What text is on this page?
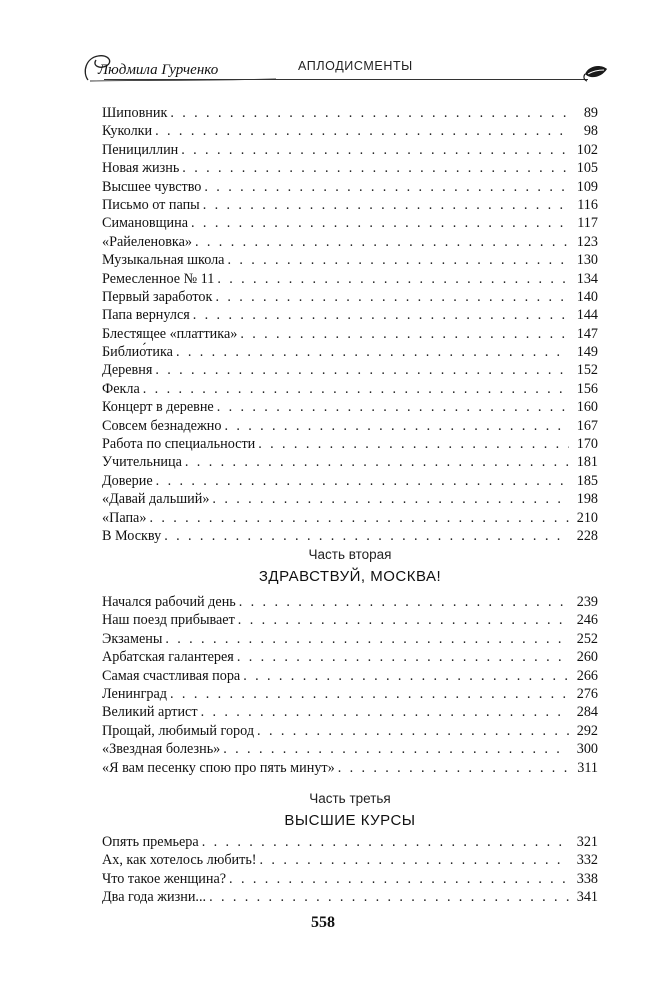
Людмила Гурченко	АПЛОДИСМЕНТЫ
Шиповник . . .	89
Куколки . . .	98
Пенициллин . . .	102
Новая жизнь . . .	105
Высшее чувство . . .	109
Письмо от папы . . .	116
Симановщина . . .	117
«Райеленовка» . . .	123
Музыкальная школа . . .	130
Ремесленное № 11 . . .	134
Первый заработок . . .	140
Папа вернулся . . .	144
Блестящее «платтика» . . .	147
Библио́тика . . .	149
Деревня . . .	152
Фекла . . .	156
Концерт в деревне . . .	160
Совсем безнадежно . . .	167
Работа по специальности . . .	170
Учительница . . .	181
Доверие . . .	185
«Давай дальший» . . .	198
«Папа» . . .	210
В Москву . . .	228
Часть вторая
ЗДРАВСТВУЙ, МОСКВА!
Начался рабочий день . . .	239
Наш поезд прибывает . . .	246
Экзамены . . .	252
Арбатская галантерея . . .	260
Самая счастливая пора . . .	266
Ленинград . . .	276
Великий артист . . .	284
Прощай, любимый город . . .	292
«Звездная болезнь» . . .	300
«Я вам песенку спою про пять минут» . . .	311
Часть третья
ВЫСШИЕ КУРСЫ
Опять премьера . . .	321
Ах, как хотелось любить! . . .	332
Что такое женщина? . . .	338
Два года жизни... . . .	341
558
